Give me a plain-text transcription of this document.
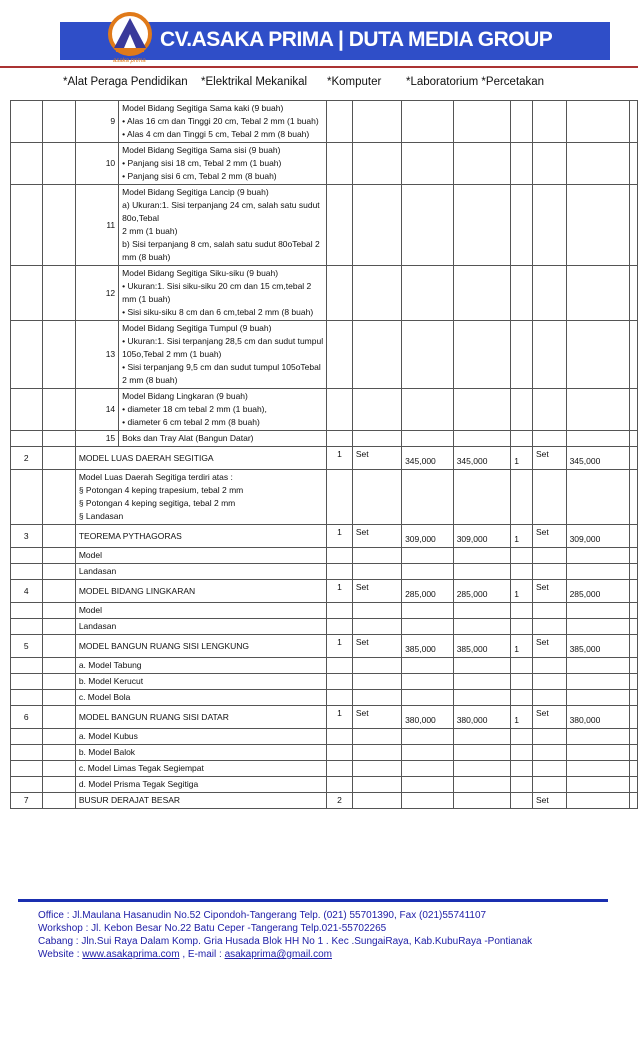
asaka prima
CV.ASAKA PRIMA | DUTA MEDIA GROUP
*Alat Peraga Pendidikan *Elektrikal Mekanikal *Komputer *Laboratorium *Percetakan
		9	Model Bidang Segitiga Sama kaki (9 buah)
• Alas 16 cm dan Tinggi 20 cm, Tebal 2 mm (1 buah)
• Alas 4 cm dan Tinggi 5 cm, Tebal 2 mm (8 buah)								

		10	Model Bidang Segitiga Sama sisi (9 buah)
• Panjang sisi 18 cm, Tebal 2 mm (1 buah)
• Panjang sisi 6 cm, Tebal 2 mm (8 buah)								

		11	Model Bidang Segitiga Lancip (9 buah)
a) Ukuran:1. Sisi terpanjang 24 cm, salah satu sudut 80o,Tebal
2 mm (1 buah)
b) Sisi terpanjang 8 cm, salah satu sudut 80oTebal 2 mm (8 buah)								

		12	Model Bidang Segitiga Siku-siku (9 buah)
• Ukuran:1. Sisi siku-siku 20 cm dan 15 cm,tebal 2 mm (1 buah)
• Sisi siku-siku 8 cm dan 6 cm,tebal 2 mm (8 buah)								

		13	Model Bidang Segitiga Tumpul (9 buah)
• Ukuran:1. Sisi terpanjang 28,5 cm dan sudut tumpul
105o,Tebal 2 mm (1 buah)
• Sisi terpanjang 9,5 cm dan sudut tumpul 105oTebal 2 mm (8 buah)								

		14	Model Bidang Lingkaran (9 buah)
• diameter 18 cm tebal 2 mm (1 buah),
• diameter 6 cm tebal 2 mm (8 buah)								

		15	Boks dan Tray Alat (Bangun Datar)								

2		MODEL LUAS DAERAH SEGITIGA		1	Set	345,000	345,000	1	Set	345,000	

		Model Luas Daerah Segitiga terdiri atas :
§ Potongan 4 keping trapesium, tebal 2 mm
§ Potongan 4 keping segitiga, tebal 2 mm
§ Landasan									

3		TEOREMA PYTHAGORAS		1	Set	309,000	309,000	1	Set	309,000	

		Model									

		Landasan									

4		MODEL BIDANG LINGKARAN		1	Set	285,000	285,000	1	Set	285,000	

		Model									

		Landasan									

5		MODEL BANGUN RUANG SISI LENGKUNG		1	Set	385,000	385,000	1	Set	385,000	

		a. Model Tabung									

		b. Model Kerucut									

		c. Model Bola									

6		MODEL BANGUN RUANG SISI DATAR		1	Set	380,000	380,000	1	Set	380,000	

		a. Model Kubus									

		b. Model Balok									

		c. Model Limas Tegak Segiempat									

		d. Model Prisma Tegak Segitiga									

7		BUSUR DERAJAT BESAR		2					Set		
Office : Jl.Maulana Hasanudin No.52 Cipondoh-Tangerang Telp. (021) 55701390, Fax (021)55741107
Workshop : Jl. Kebon Besar No.22 Batu Ceper -Tangerang Telp.021-55702265
Cabang : Jln.Sui Raya Dalam Komp. Gria Husada Blok HH No 1 . Kec .SungaiRaya, Kab.KubuRaya -Pontianak
Website : www.asakaprima.com , E-mail : asakaprima@gmail.com
